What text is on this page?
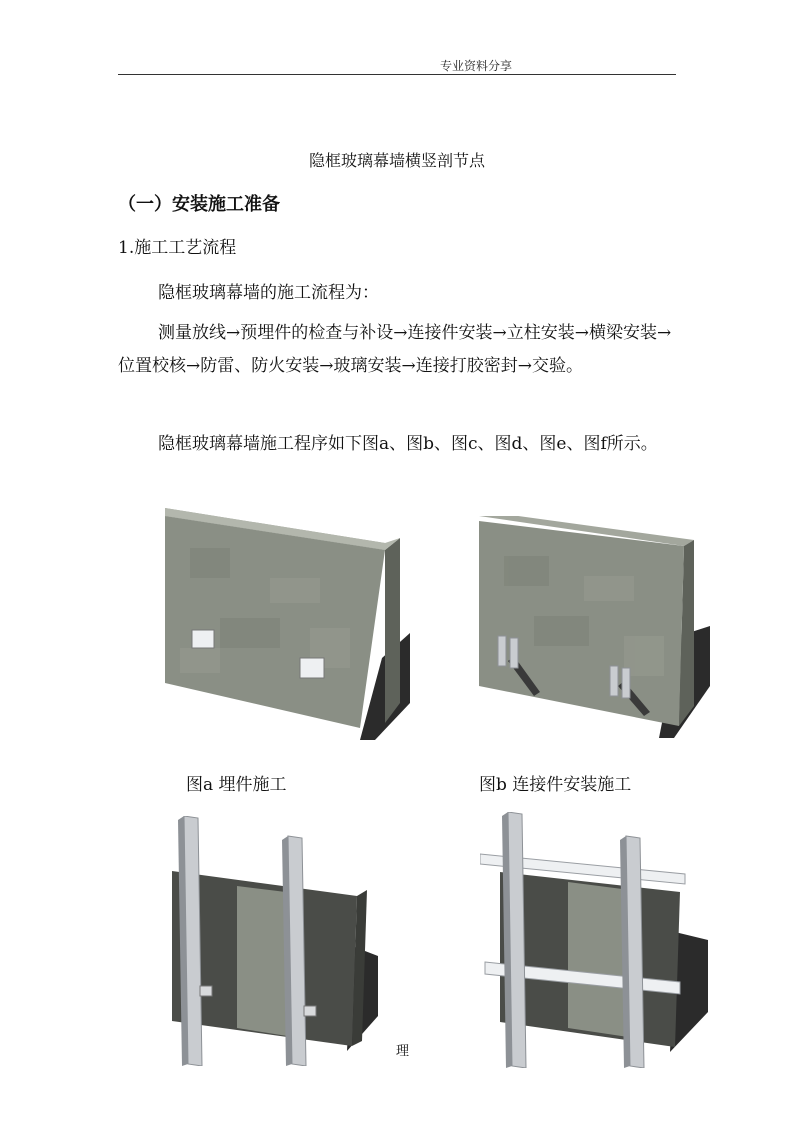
专业资料分享
隐框玻璃幕墙横竖剖节点
（一）安装施工准备
1.施工工艺流程

隐框玻璃幕墙的施工流程为：

测量放线→预埋件的检查与补设→连接件安装→立柱安装→横梁安装→位置校核→防雷、防火安装→玻璃安装→连接打胶密封→交验。

隐框玻璃幕墙施工程序如下图a、图b、图c、图d、图e、图f所示。

图a 埋件施工	图b 连接件安装施工
理
